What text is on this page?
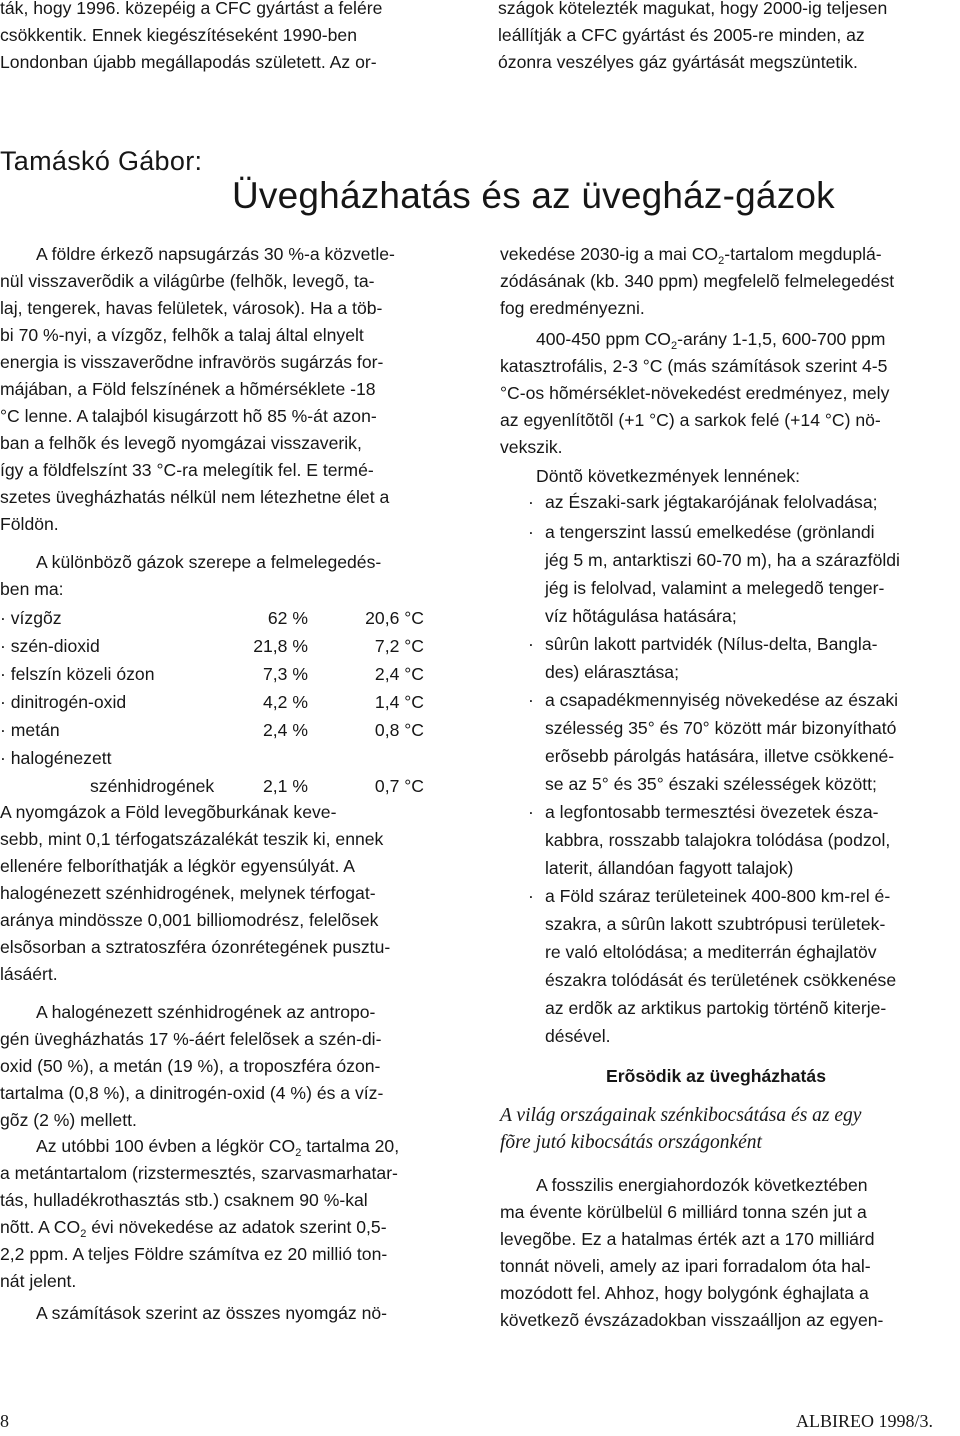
ták, hogy 1996. közepéig a CFC gyártást a felére
csökkentik. Ennek kiegészítéseként 1990-ben
Londonban újabb megállapodás született. Az or-
szágok kötelezték magukat, hogy 2000-ig teljesen
leállítják a CFC gyártást és 2005-re minden, az
ózonra veszélyes gáz gyártását megszüntetik.
Tamáskó Gábor:
Üvegházhatás és az üvegház-gázok
A földre érkezõ napsugárzás 30 %-a közvetle-
nül visszaverõdik a világûrbe (felhõk, levegõ, ta-
laj, tengerek, havas felületek, városok). Ha a töb-
bi 70 %-nyi, a vízgõz, felhõk a talaj által elnyelt
energia is visszaverõdne infravörös sugárzás for-
májában, a Föld felszínének a hõmérséklete -18
°C lenne. A talajból kisugárzott hõ 85 %-át azon-
ban a felhõk és levegõ nyomgázai visszaverik,
így a földfelszínt 33 °C-ra melegítik fel. E termé-
szetes üvegházhatás nélkül nem létezhetne élet a
Földön.
A különbözõ gázok szerepe a felmelegedés-
ben ma:
· vízgõz	62 %	20,6 °C
· szén-dioxid	21,8 %	7,2 °C
· felszín közeli ózon	7,3 %	2,4 °C
· dinitrogén-oxid	4,2 %	1,4 °C
· metán	2,4 %	0,8 °C
· halogénezett
szénhidrogének	2,1 %	0,7 °C
A nyomgázok a Föld levegõburkának keve-
sebb, mint 0,1 térfogatszázalékát teszik ki, ennek
ellenére felboríthatják a légkör egyensúlyát. A
halogénezett szénhidrogének, melynek térfogat-
aránya mindössze 0,001 billiomodrész, felelõsek
elsõsorban a sztratoszféra ózonrétegének pusztu-
lásáért.
A halogénezett szénhidrogének az antropo-
gén üvegházhatás 17 %-áért felelõsek a szén-di-
oxid (50 %), a metán (19 %), a troposzféra ózon-
tartalma (0,8 %), a dinitrogén-oxid (4 %) és a víz-
gõz (2 %) mellett.
Az utóbbi 100 évben a légkör $CO_2$ tartalma 20,
a metántartalom (rizstermesztés, szarvasmarhatar-
tás, hulladékrothasztás stb.) csaknem 90 %-kal
nõtt. A $CO_2$ évi növekedése az adatok szerint 0,5-
2,2 ppm. A teljes Földre számítva ez 20 millió ton-
nát jelent.
A számítások szerint az összes nyomgáz nö-
vekedése 2030-ig a mai $CO_2$-tartalom megduplá-
zódásának (kb. 340 ppm) megfelelõ felmelegedést
fog eredményezni.
400-450 ppm $CO_2$-arány 1-1,5, 600-700 ppm
katasztrofális, 2-3 °C (más számítások szerint 4-5
°C-os hõmérséklet-növekedést eredményez, mely
az egyenlítõtõl (+1 °C) a sarkok felé (+14 °C) nö-
vekszik.
Döntõ következmények lennének:
· az Északi-sark jégtakarójának felolvadása;
· a tengerszint lassú emelkedése (grönlandi
jég 5 m, antarktiszi 60-70 m), ha a szárazföldi
jég is felolvad, valamint a melegedõ tenger-
víz hõtágulása hatására;
· sûrûn lakott partvidék (Nílus-delta, Bangla-
des) elárasztása;
· a csapadékmennyiség növekedése az északi
szélesség 35° és 70° között már bizonyítható
erõsebb párolgás hatására, illetve csökkené-
se az 5° és 35° északi szélességek között;
· a legfontosabb termesztési övezetek észa-
kabbra, rosszabb talajokra tolódása (podzol,
laterit, állandóan fagyott talajok)
· a Föld száraz területeinek 400-800 km-rel é-
szakra, a sûrûn lakott szubtrópusi területek-
re való eltolódása; a mediterrán éghajlatöv
északra tolódását és területének csökkenése
az erdõk az arktikus partokig történõ kiterje-
désével.
Erõsödik az üvegházhatás
A világ országainak szénkibocsátása és az egy
fõre jutó kibocsátás országonként
A fosszilis energiahordozók következtében
ma évente körülbelül 6 milliárd tonna szén jut a
levegõbe. Ez a hatalmas érték azt a 170 milliárd
tonnát növeli, amely az ipari forradalom óta hal-
mozódott fel. Ahhoz, hogy bolygónk éghajlata a
következõ évszázadokban visszaálljon az egyen-
8	ALBIREO 1998/3.
